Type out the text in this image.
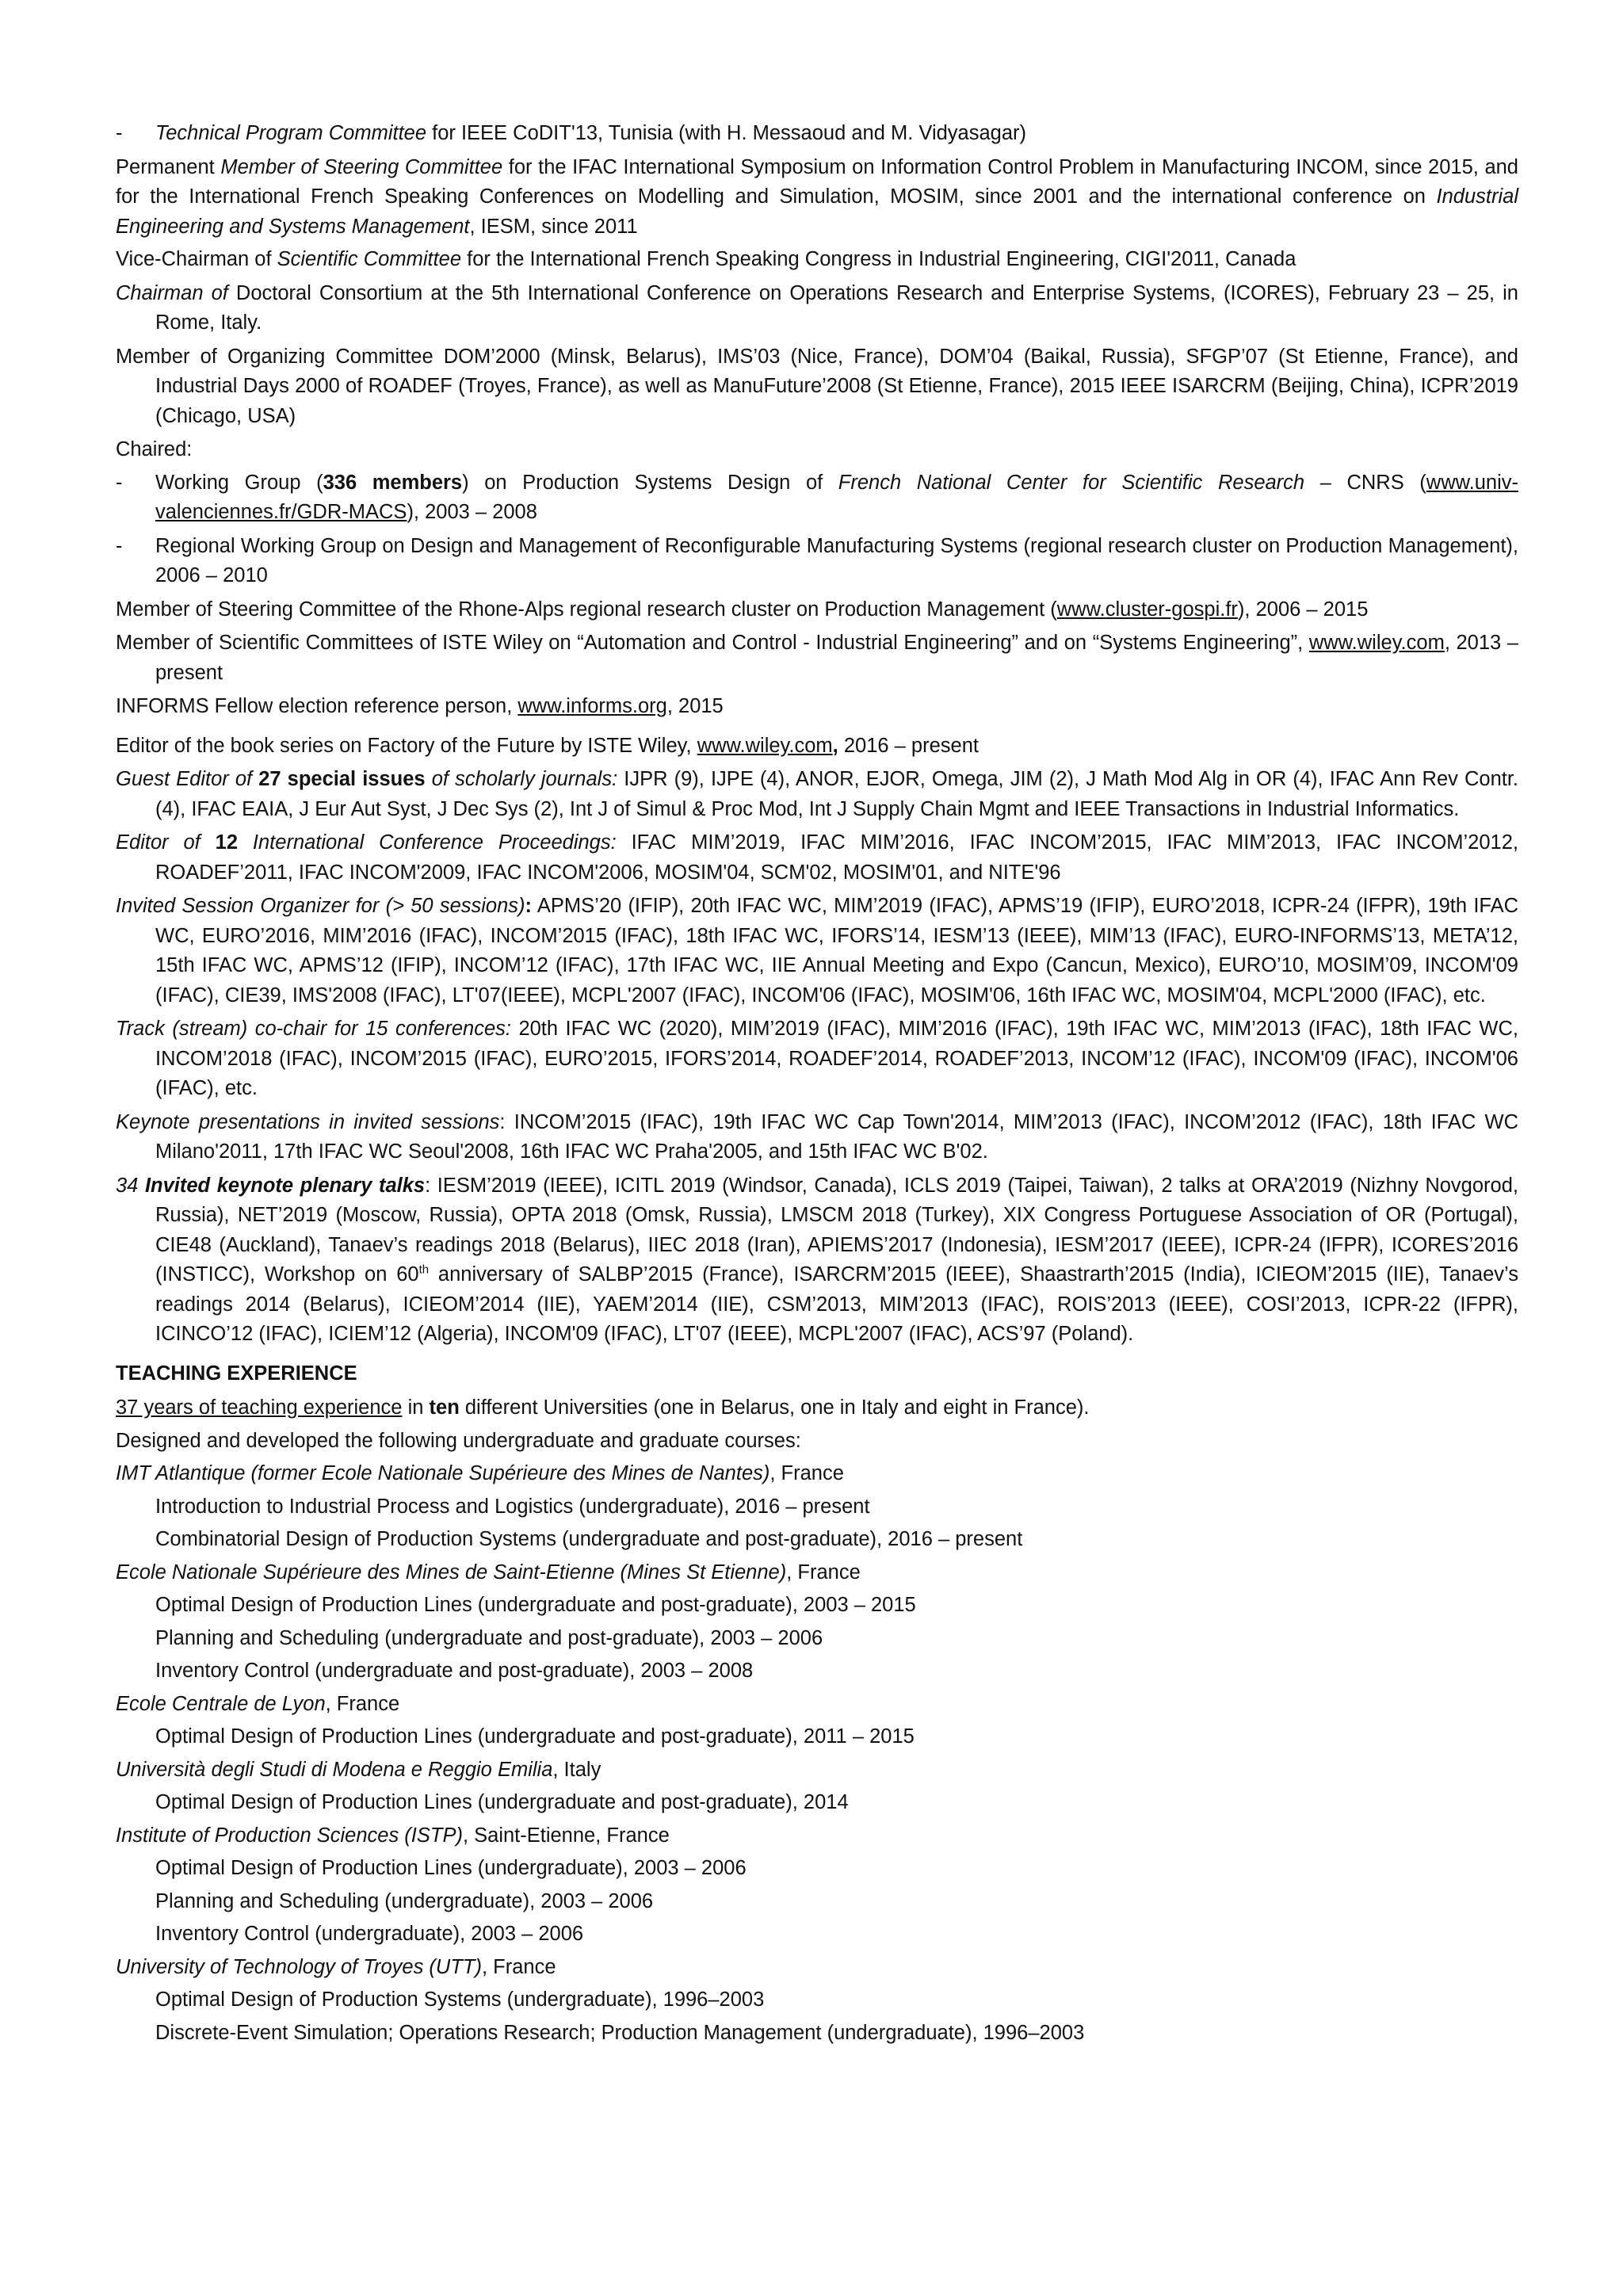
- Technical Program Committee for IEEE CoDIT'13, Tunisia (with H. Messaoud and M. Vidyasagar)
Permanent Member of Steering Committee for the IFAC International Symposium on Information Control Problem in Manufacturing INCOM, since 2015, and for the International French Speaking Conferences on Modelling and Simulation, MOSIM, since 2001 and the international conference on Industrial Engineering and Systems Management, IESM, since 2011
Vice-Chairman of Scientific Committee for the International French Speaking Congress in Industrial Engineering, CIGI'2011, Canada
Chairman of Doctoral Consortium at the 5th International Conference on Operations Research and Enterprise Systems, (ICORES), February 23 – 25, in Rome, Italy.
Member of Organizing Committee DOM’2000 (Minsk, Belarus), IMS’03 (Nice, France), DOM’04 (Baikal, Russia), SFGP’07 (St Etienne, France), and Industrial Days 2000 of ROADEF (Troyes, France), as well as ManuFuture’2008 (St Etienne, France), 2015 IEEE ISARCRM (Beijing, China), ICPR’2019 (Chicago, USA)
Chaired:
- Working Group (336 members) on Production Systems Design of French National Center for Scientific Research – CNRS (www.univ-valenciennes.fr/GDR-MACS), 2003 – 2008
- Regional Working Group on Design and Management of Reconfigurable Manufacturing Systems (regional research cluster on Production Management), 2006 – 2010
Member of Steering Committee of the Rhone-Alps regional research cluster on Production Management (www.cluster-gospi.fr), 2006 – 2015
Member of Scientific Committees of ISTE Wiley on “Automation and Control - Industrial Engineering” and on “Systems Engineering”, www.wiley.com, 2013 – present
INFORMS Fellow election reference person, www.informs.org, 2015
Editor of the book series on Factory of the Future by ISTE Wiley, www.wiley.com, 2016 – present
Guest Editor of 27 special issues of scholarly journals: IJPR (9), IJPE (4), ANOR, EJOR, Omega, JIM (2), J Math Mod Alg in OR (4), IFAC Ann Rev Contr. (4), IFAC EAIA, J Eur Aut Syst, J Dec Sys (2), Int J of Simul & Proc Mod, Int J Supply Chain Mgmt and IEEE Transactions in Industrial Informatics.
Editor of 12 International Conference Proceedings: IFAC MIM’2019, IFAC MIM’2016, IFAC INCOM’2015, IFAC MIM’2013, IFAC INCOM’2012, ROADEF’2011, IFAC INCOM'2009, IFAC INCOM'2006, MOSIM'04, SCM'02, MOSIM'01, and NITE'96
Invited Session Organizer for (> 50 sessions): APMS’20 (IFIP), 20th IFAC WC, MIM’2019 (IFAC), APMS’19 (IFIP), EURO’2018, ICPR-24 (IFPR), 19th IFAC WC, EURO’2016, MIM’2016 (IFAC), INCOM’2015 (IFAC), 18th IFAC WC, IFORS’14, IESM’13 (IEEE), MIM’13 (IFAC), EURO-INFORMS’13, META’12, 15th IFAC WC, APMS’12 (IFIP), INCOM’12 (IFAC), 17th IFAC WC, IIE Annual Meeting and Expo (Cancun, Mexico), EURO’10, MOSIM’09, INCOM'09 (IFAC), CIE39, IMS'2008 (IFAC), LT'07(IEEE), MCPL'2007 (IFAC), INCOM'06 (IFAC), MOSIM'06, 16th IFAC WC, MOSIM'04, MCPL'2000 (IFAC), etc.
Track (stream) co-chair for 15 conferences: 20th IFAC WC (2020), MIM’2019 (IFAC), MIM’2016 (IFAC), 19th IFAC WC, MIM’2013 (IFAC), 18th IFAC WC, INCOM’2018 (IFAC), INCOM’2015 (IFAC), EURO’2015, IFORS’2014, ROADEF’2014, ROADEF’2013, INCOM’12 (IFAC), INCOM'09 (IFAC), INCOM'06 (IFAC), etc.
Keynote presentations in invited sessions: INCOM’2015 (IFAC), 19th IFAC WC Cap Town'2014, MIM’2013 (IFAC), INCOM’2012 (IFAC), 18th IFAC WC Milano'2011, 17th IFAC WC Seoul'2008, 16th IFAC WC Praha'2005, and 15th IFAC WC B'02.
34 Invited keynote plenary talks: IESM’2019 (IEEE), ICITL 2019 (Windsor, Canada), ICLS 2019 (Taipei, Taiwan), 2 talks at ORA’2019 (Nizhny Novgorod, Russia), NET’2019 (Moscow, Russia), OPTA 2018 (Omsk, Russia), LMSCM 2018 (Turkey), XIX Congress Portuguese Association of OR (Portugal), CIE48 (Auckland), Tanaev’s readings 2018 (Belarus), IIEC 2018 (Iran), APIEMS’2017 (Indonesia), IESM’2017 (IEEE), ICPR-24 (IFPR), ICORES’2016 (INSTICC), Workshop on 60th anniversary of SALBP’2015 (France), ISARCRM’2015 (IEEE), Shaastrarth’2015 (India), ICIEOM’2015 (IIE), Tanaev’s readings 2014 (Belarus), ICIEOM’2014 (IIE), YAEM’2014 (IIE), CSM’2013, MIM’2013 (IFAC), ROIS’2013 (IEEE), COSI’2013, ICPR-22 (IFPR), ICINCO’12 (IFAC), ICIEM’12 (Algeria), INCOM'09 (IFAC), LT'07 (IEEE), MCPL'2007 (IFAC), ACS’97 (Poland).
TEACHING EXPERIENCE
37 years of teaching experience in ten different Universities (one in Belarus, one in Italy and eight in France).
Designed and developed the following undergraduate and graduate courses:
IMT Atlantique (former Ecole Nationale Supérieure des Mines de Nantes), France
Introduction to Industrial Process and Logistics (undergraduate), 2016 – present
Combinatorial Design of Production Systems (undergraduate and post-graduate), 2016 – present
Ecole Nationale Supérieure des Mines de Saint-Etienne (Mines St Etienne), France
Optimal Design of Production Lines (undergraduate and post-graduate), 2003 – 2015
Planning and Scheduling (undergraduate and post-graduate), 2003 – 2006
Inventory Control (undergraduate and post-graduate), 2003 – 2008
Ecole Centrale de Lyon, France
Optimal Design of Production Lines (undergraduate and post-graduate), 2011 – 2015
Università degli Studi di Modena e Reggio Emilia, Italy
Optimal Design of Production Lines (undergraduate and post-graduate), 2014
Institute of Production Sciences (ISTP), Saint-Etienne, France
Optimal Design of Production Lines (undergraduate), 2003 – 2006
Planning and Scheduling (undergraduate), 2003 – 2006
Inventory Control (undergraduate), 2003 – 2006
University of Technology of Troyes (UTT), France
Optimal Design of Production Systems (undergraduate), 1996–2003
Discrete-Event Simulation; Operations Research; Production Management (undergraduate), 1996–2003
